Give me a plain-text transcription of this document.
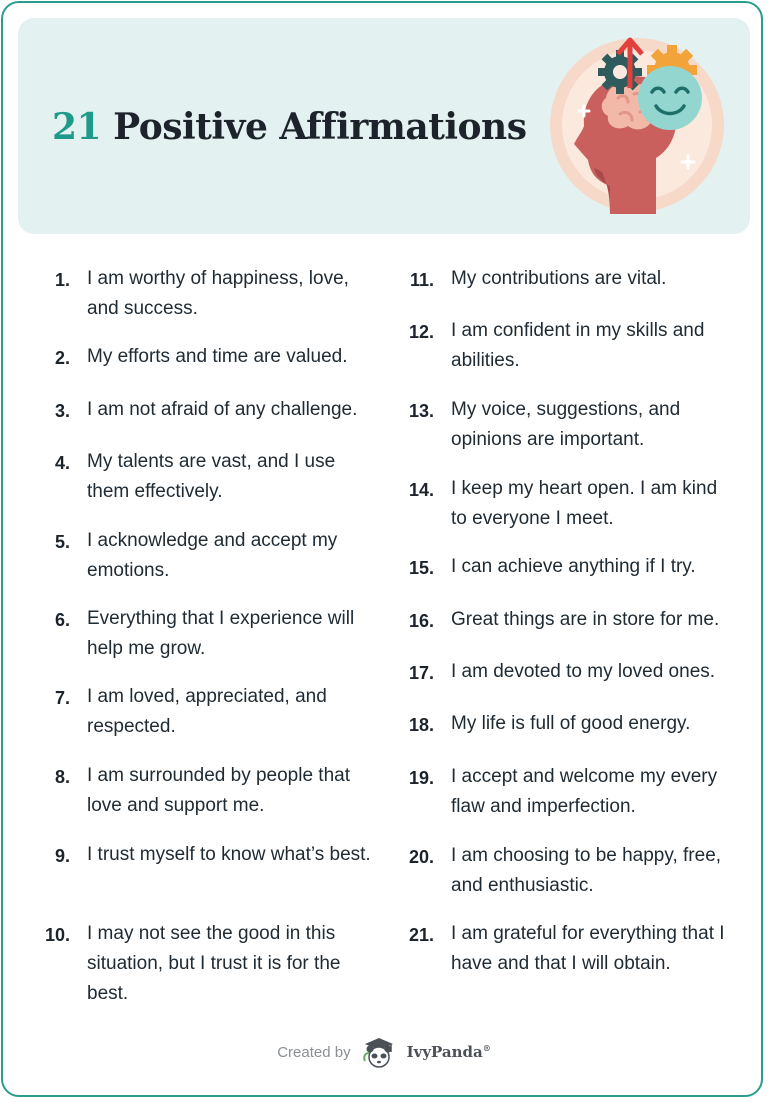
21 Positive Affirmations
1. I am worthy of happiness, love, and success.
2. My efforts and time are valued.
3. I am not afraid of any challenge.
4. My talents are vast, and I use them effectively.
5. I acknowledge and accept my emotions.
6. Everything that I experience will help me grow.
7. I am loved, appreciated, and respected.
8. I am surrounded by people that love and support me.
9. I trust myself to know what’s best.
10. I may not see the good in this situation, but I trust it is for the best.
11. My contributions are vital.
12. I am confident in my skills and abilities.
13. My voice, suggestions, and opinions are important.
14. I keep my heart open. I am kind to everyone I meet.
15. I can achieve anything if I try.
16. Great things are in store for me.
17. I am devoted to my loved ones.
18. My life is full of good energy.
19. I accept and welcome my every flaw and imperfection.
20. I am choosing to be happy, free, and enthusiastic.
21. I am grateful for everything that I have and that I will obtain.
Created by	IvyPanda®
